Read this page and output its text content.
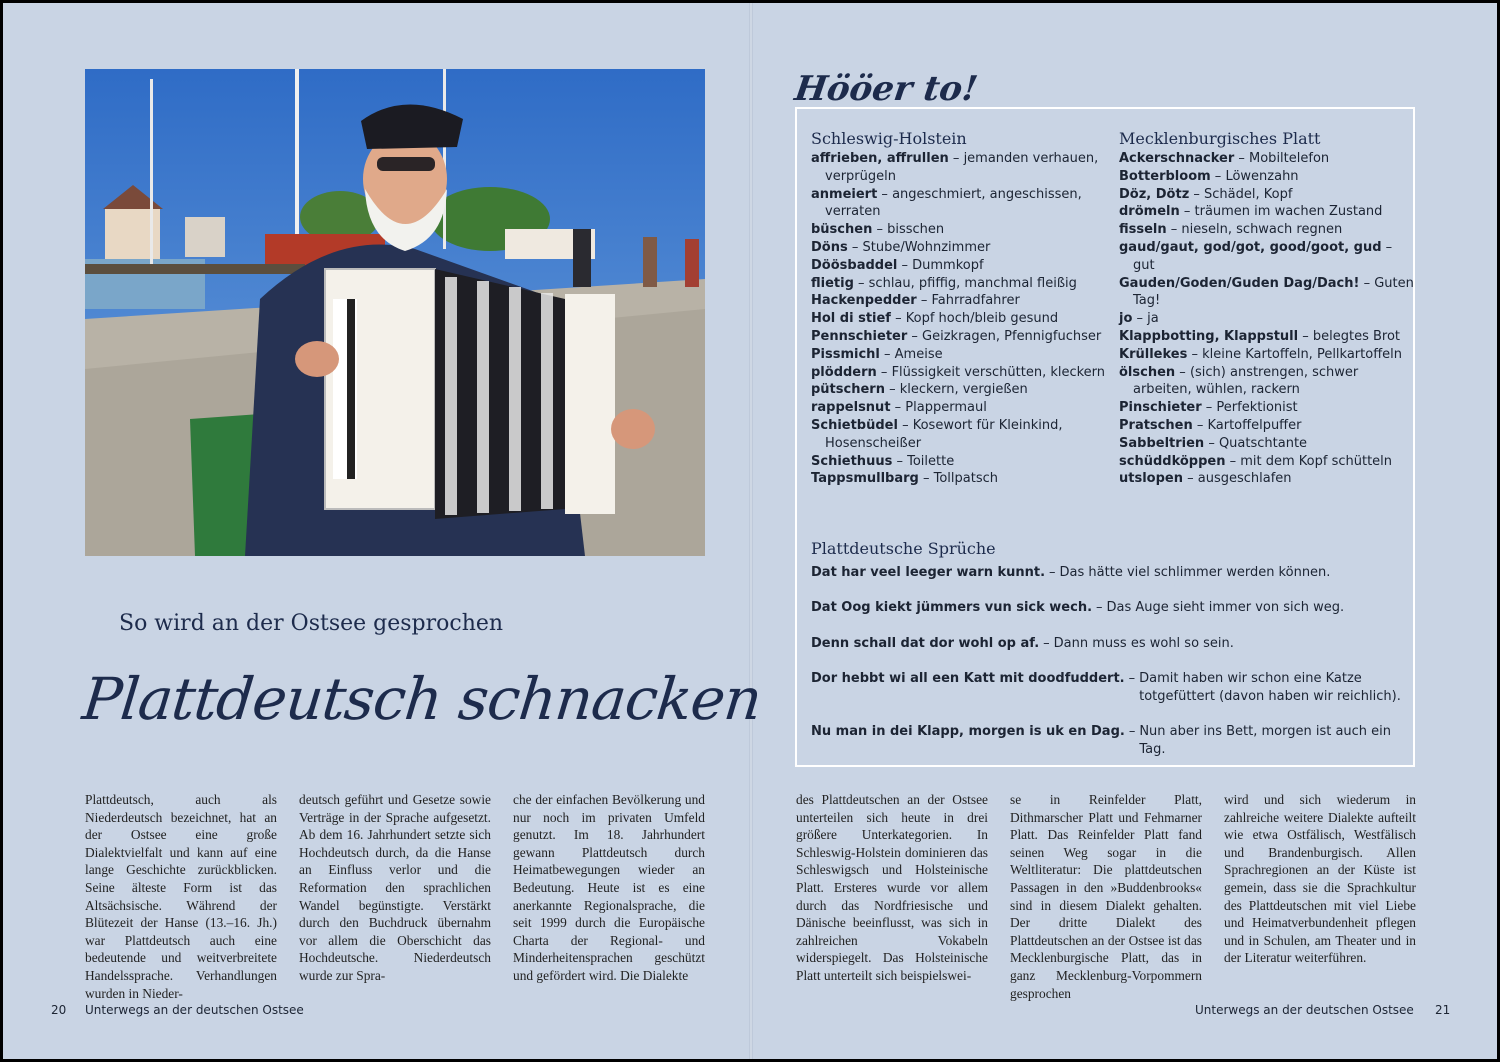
So wird an der Ostsee gesprochen
Plattdeutsch schnacken
Plattdeutsch, auch als Niederdeutsch bezeichnet, hat an der Ostsee eine große Dialektvielfalt und kann auf eine lange Geschichte zurückblicken. Seine älteste Form ist das Altsächsische. Während der Blütezeit der Hanse (13.–16. Jh.) war Plattdeutsch auch eine bedeutende und weitverbreitete Handelssprache. Verhandlungen wurden in Nieder-
deutsch geführt und Gesetze sowie Verträge in der Sprache aufgesetzt. Ab dem 16. Jahrhundert setzte sich Hochdeutsch durch, da die Hanse an Einfluss verlor und die Reformation den sprachlichen Wandel begünstigte. Verstärkt durch den Buchdruck übernahm vor allem die Oberschicht das Hochdeutsche. Niederdeutsch wurde zur Spra-
che der einfachen Bevölkerung und nur noch im privaten Umfeld genutzt. Im 18. Jahrhundert gewann Plattdeutsch durch Heimatbewegungen wieder an Bedeutung. Heute ist es eine anerkannte Regionalsprache, die seit 1999 durch die Europäische Charta der Regional- und Minderheitensprachen geschützt und gefördert wird. Die Dialekte
20 Unterwegs an der deutschen Ostsee
Hööer to!
Schleswig-Holstein
affrieben, affrullen – jemanden verhauen, verprügeln
anmeiert – angeschmiert, angeschissen, verraten
büschen – bisschen
Döns – Stube/Wohnzimmer
Döösbaddel – Dummkopf
flietig – schlau, pfiffig, manchmal fleißig
Hackenpedder – Fahrradfahrer
Hol di stief – Kopf hoch/bleib gesund
Pennschieter – Geizkragen, Pfennigfuchser
Pissmichl – Ameise
plöddern – Flüssigkeit verschütten, kleckern
pütschern – kleckern, vergießen
rappelsnut – Plappermaul
Schietbüdel – Kosewort für Kleinkind, Hosenscheißer
Schiethuus – Toilette
Tappsmullbarg – Tollpatsch
Mecklenburgisches Platt
Ackerschnacker – Mobiltelefon
Botterbloom – Löwenzahn
Döz, Dötz – Schädel, Kopf
drömeln – träumen im wachen Zustand
fisseln – nieseln, schwach regnen
gaud/gaut, god/got, good/goot, gud – gut
Gauden/Goden/Guden Dag/Dach! – Guten Tag!
jo – ja
Klappbotting, Klappstull – belegtes Brot
Krüllekes – kleine Kartoffeln, Pellkartoffeln
ölschen – (sich) anstrengen, schwer arbeiten, wühlen, rackern
Pinschieter – Perfektionist
Pratschen – Kartoffelpuffer
Sabbeltrien – Quatschtante
schüddköppen – mit dem Kopf schütteln
utslopen – ausgeschlafen
Plattdeutsche Sprüche
Dat har veel leeger warn kunnt. – Das hätte viel schlimmer werden können.
Dat Oog kiekt jümmers vun sick wech. – Das Auge sieht immer von sich weg.
Denn schall dat dor wohl op af. – Dann muss es wohl so sein.
Dor hebbt wi all een Katt mit doodfuddert. – Damit haben wir schon eine Katze totgefüttert (davon haben wir reichlich).
Nu man in dei Klapp, morgen is uk en Dag. – Nun aber ins Bett, morgen ist auch ein Tag.
des Plattdeutschen an der Ostsee unterteilen sich heute in drei größere Unterkategorien. In Schleswig-Holstein dominieren das Schleswigsch und Holsteinische Platt. Ersteres wurde vor allem durch das Nordfriesische und Dänische beeinflusst, was sich in zahlreichen Vokabeln widerspiegelt. Das Holsteinische Platt unterteilt sich beispielswei-
se in Reinfelder Platt, Dithmarscher Platt und Fehmarner Platt. Das Reinfelder Platt fand seinen Weg sogar in die Weltliteratur: Die plattdeutschen Passagen in den »Buddenbrooks« sind in diesem Dialekt gehalten. Der dritte Dialekt des Plattdeutschen an der Ostsee ist das Mecklenburgische Platt, das in ganz Mecklenburg-Vorpommern gesprochen
wird und sich wiederum in zahlreiche weitere Dialekte aufteilt wie etwa Ostfälisch, Westfälisch und Brandenburgisch. Allen Sprachregionen an der Küste ist gemein, dass sie die Sprachkultur des Plattdeutschen mit viel Liebe und Heimatverbundenheit pflegen und in Schulen, am Theater und in der Literatur weiterführen.
Unterwegs an der deutschen Ostsee 21
